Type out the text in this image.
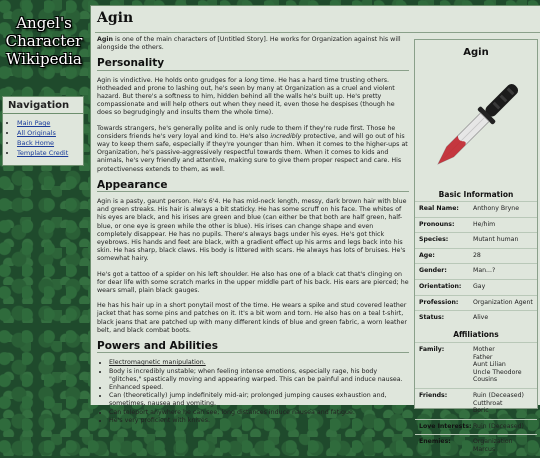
Angel's
Character
Wikipedia
Navigation
• Main Page
• All Originals
• Back Home
• Template Credit
Agin

Agin is one of the main characters of [Untitled Story]. He works for Organization against his will alongside the others.

Personality

Agin is vindictive. He holds onto grudges for a long time. He has a hard time trusting others. Hotheaded and prone to lashing out, he's seen by many at Organization as a cruel and violent hazard. But there's a softness to him, hidden behind all the walls he's built up. He's pretty compassionate and will help others out when they need it, even those he despises (though he does so begrudgingly and insults them the whole time).

Towards strangers, he's generally polite and is only rude to them if they're rude first. Those he considers friends he's very loyal and kind to. He's also incredibly protective, and will go out of his way to keep them safe, especially if they're younger than him. When it comes to the higher-ups at Organization, he's passive-aggressively respectful towards them. When it comes to kids and animals, he's very friendly and attentive, making sure to give them proper respect and care. His protectiveness extends to them, as well.

Appearance

Agin is a pasty, gaunt person. He's 6'4. He has mid-neck length, messy, dark brown hair with blue and green streaks. His hair is always a bit staticky. He has some scruff on his face. The whites of his eyes are black, and his irises are green and blue (can either be that both are half green, half-blue, or one eye is green while the other is blue). His irises can change shape and even completely disappear. He has no pupils. There's always bags under his eyes. He's got thick eyebrows. His hands and feet are black, with a gradient effect up his arms and legs back into his skin. He has sharp, black claws. His body is littered with scars. He always has lots of bruises. He's somewhat hairy.

He's got a tattoo of a spider on his left shoulder. He also has one of a black cat that's clinging on for dear life with some scratch marks in the upper middle part of his back. His ears are pierced; he wears small, plain black gauges.

He has his hair up in a short ponytail most of the time. He wears a spike and stud covered leather jacket that has some pins and patches on it. It's a bit worn and torn. He also has on a teal t-shirt, black jeans that are patched up with many different kinds of blue and green fabric, a worn leather belt, and black combat boots.

Powers and Abilities
• Electromagnetic manipulation.
• Body is incredibly unstable; when feeling intense emotions, especially rage, his body "glitches," spastically moving and appearing warped. This can be painful and induce nausea.
• Enhanced speed.
• Can (theoretically) jump indefinitely mid-air; prolonged jumping causes exhaustion and, sometimes, nausea and vomiting.
• Can teleport anywhere he can see; long distances induce nausea and fatigue.
• He's very proficient with knives.
Agin
Basic Information
Real Name:	Anthony Bryne
Pronouns:	He/him
Species:	Mutant human
Age:	28
Gender:	Man...?
Orientation:	Gay
Profession:	Organization Agent
Status:	Alive
Affiliations
Family:	Mother
Father
Aunt Lilian
Uncle Theodore
Cousins
Friends:	Ruin (Deceased)
Cutthroat
Boric
Love Interests: Ruin (Deceased)
Enemies:	Organization
Marcus
